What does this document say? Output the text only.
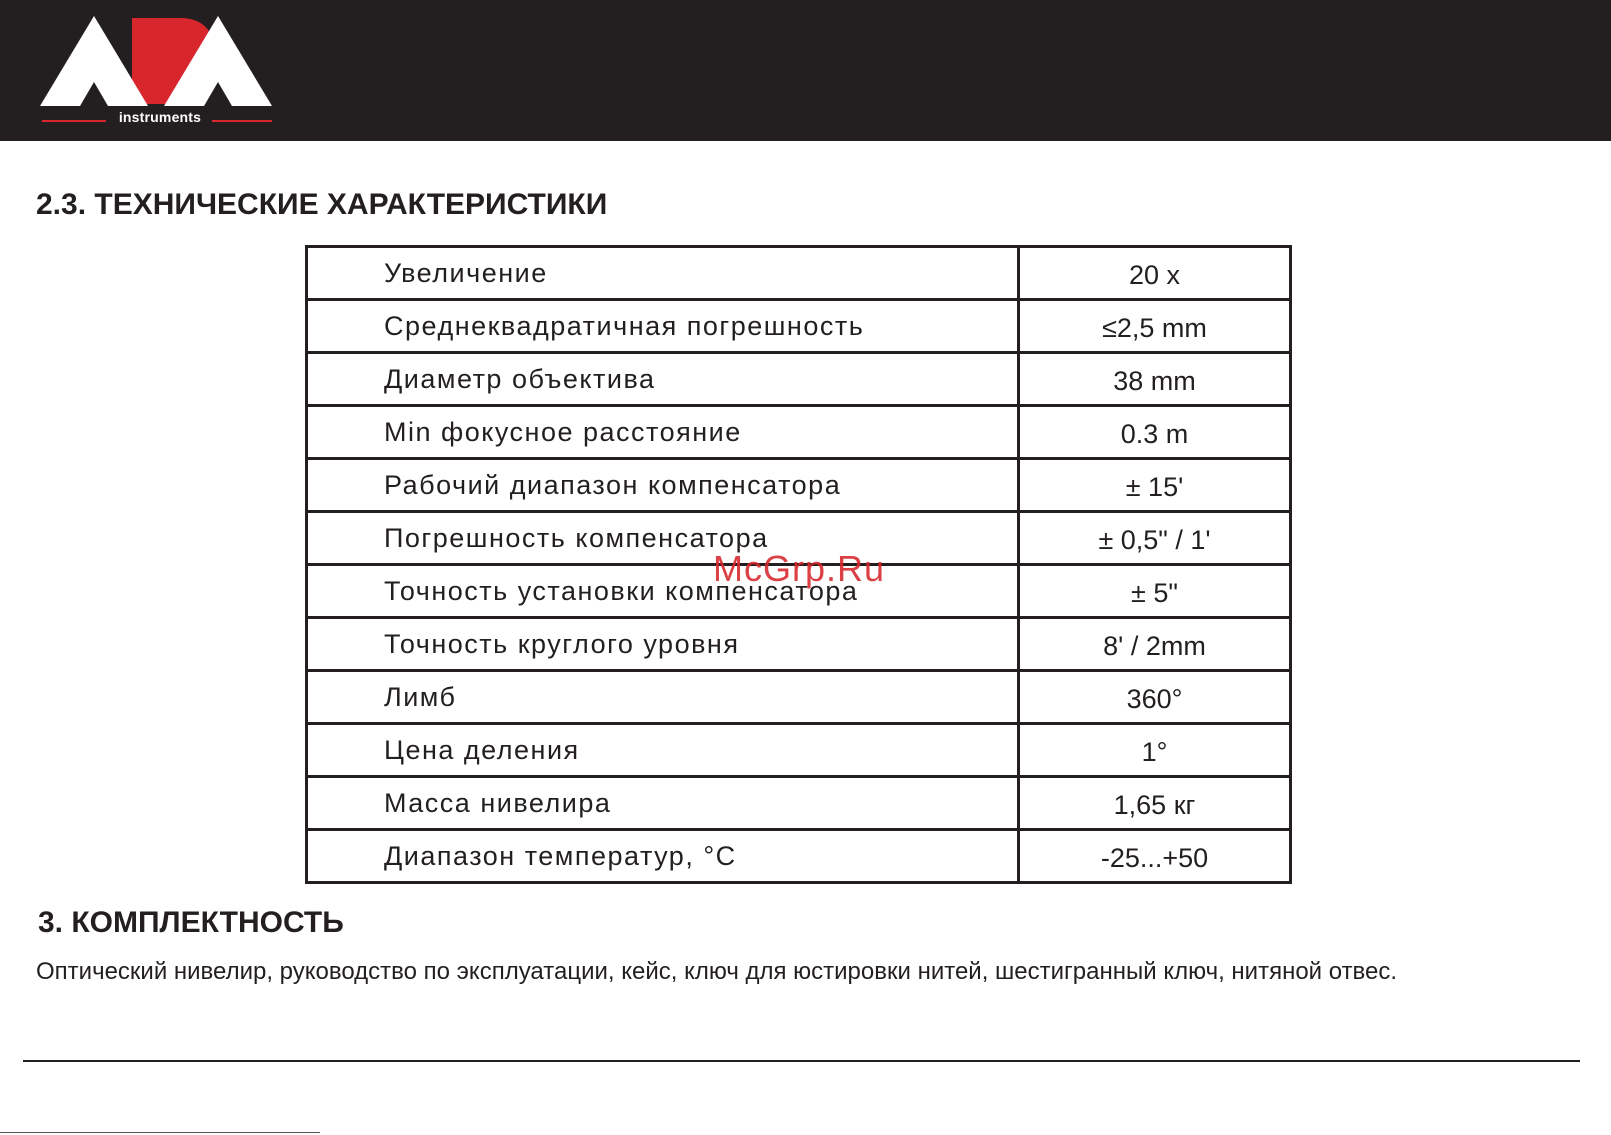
instruments
2.3. ТЕХНИЧЕСКИЕ ХАРАКТЕРИСТИКИ
Увеличение	20 x
Среднеквадратичная погрешность	≤2,5 mm
Диаметр объектива	38 mm
Min фокусное расстояние	0.3 m
Рабочий диапазон компенсатора	± 15'
Погрешность компенсатора	± 0,5" / 1'
Точность установки компенсатора	± 5"
Точность круглого уровня	8' / 2mm
Лимб	360°
Цена деления	1°
Масса нивелира	1,65 кг
Диапазон температур, °С	-25...+50
McGrp.Ru
3. КОМПЛЕКТНОСТЬ

Оптический нивелир, руководство по эксплуатации, кейс, ключ для юстировки нитей, шестигранный ключ, нитяной отвес.
